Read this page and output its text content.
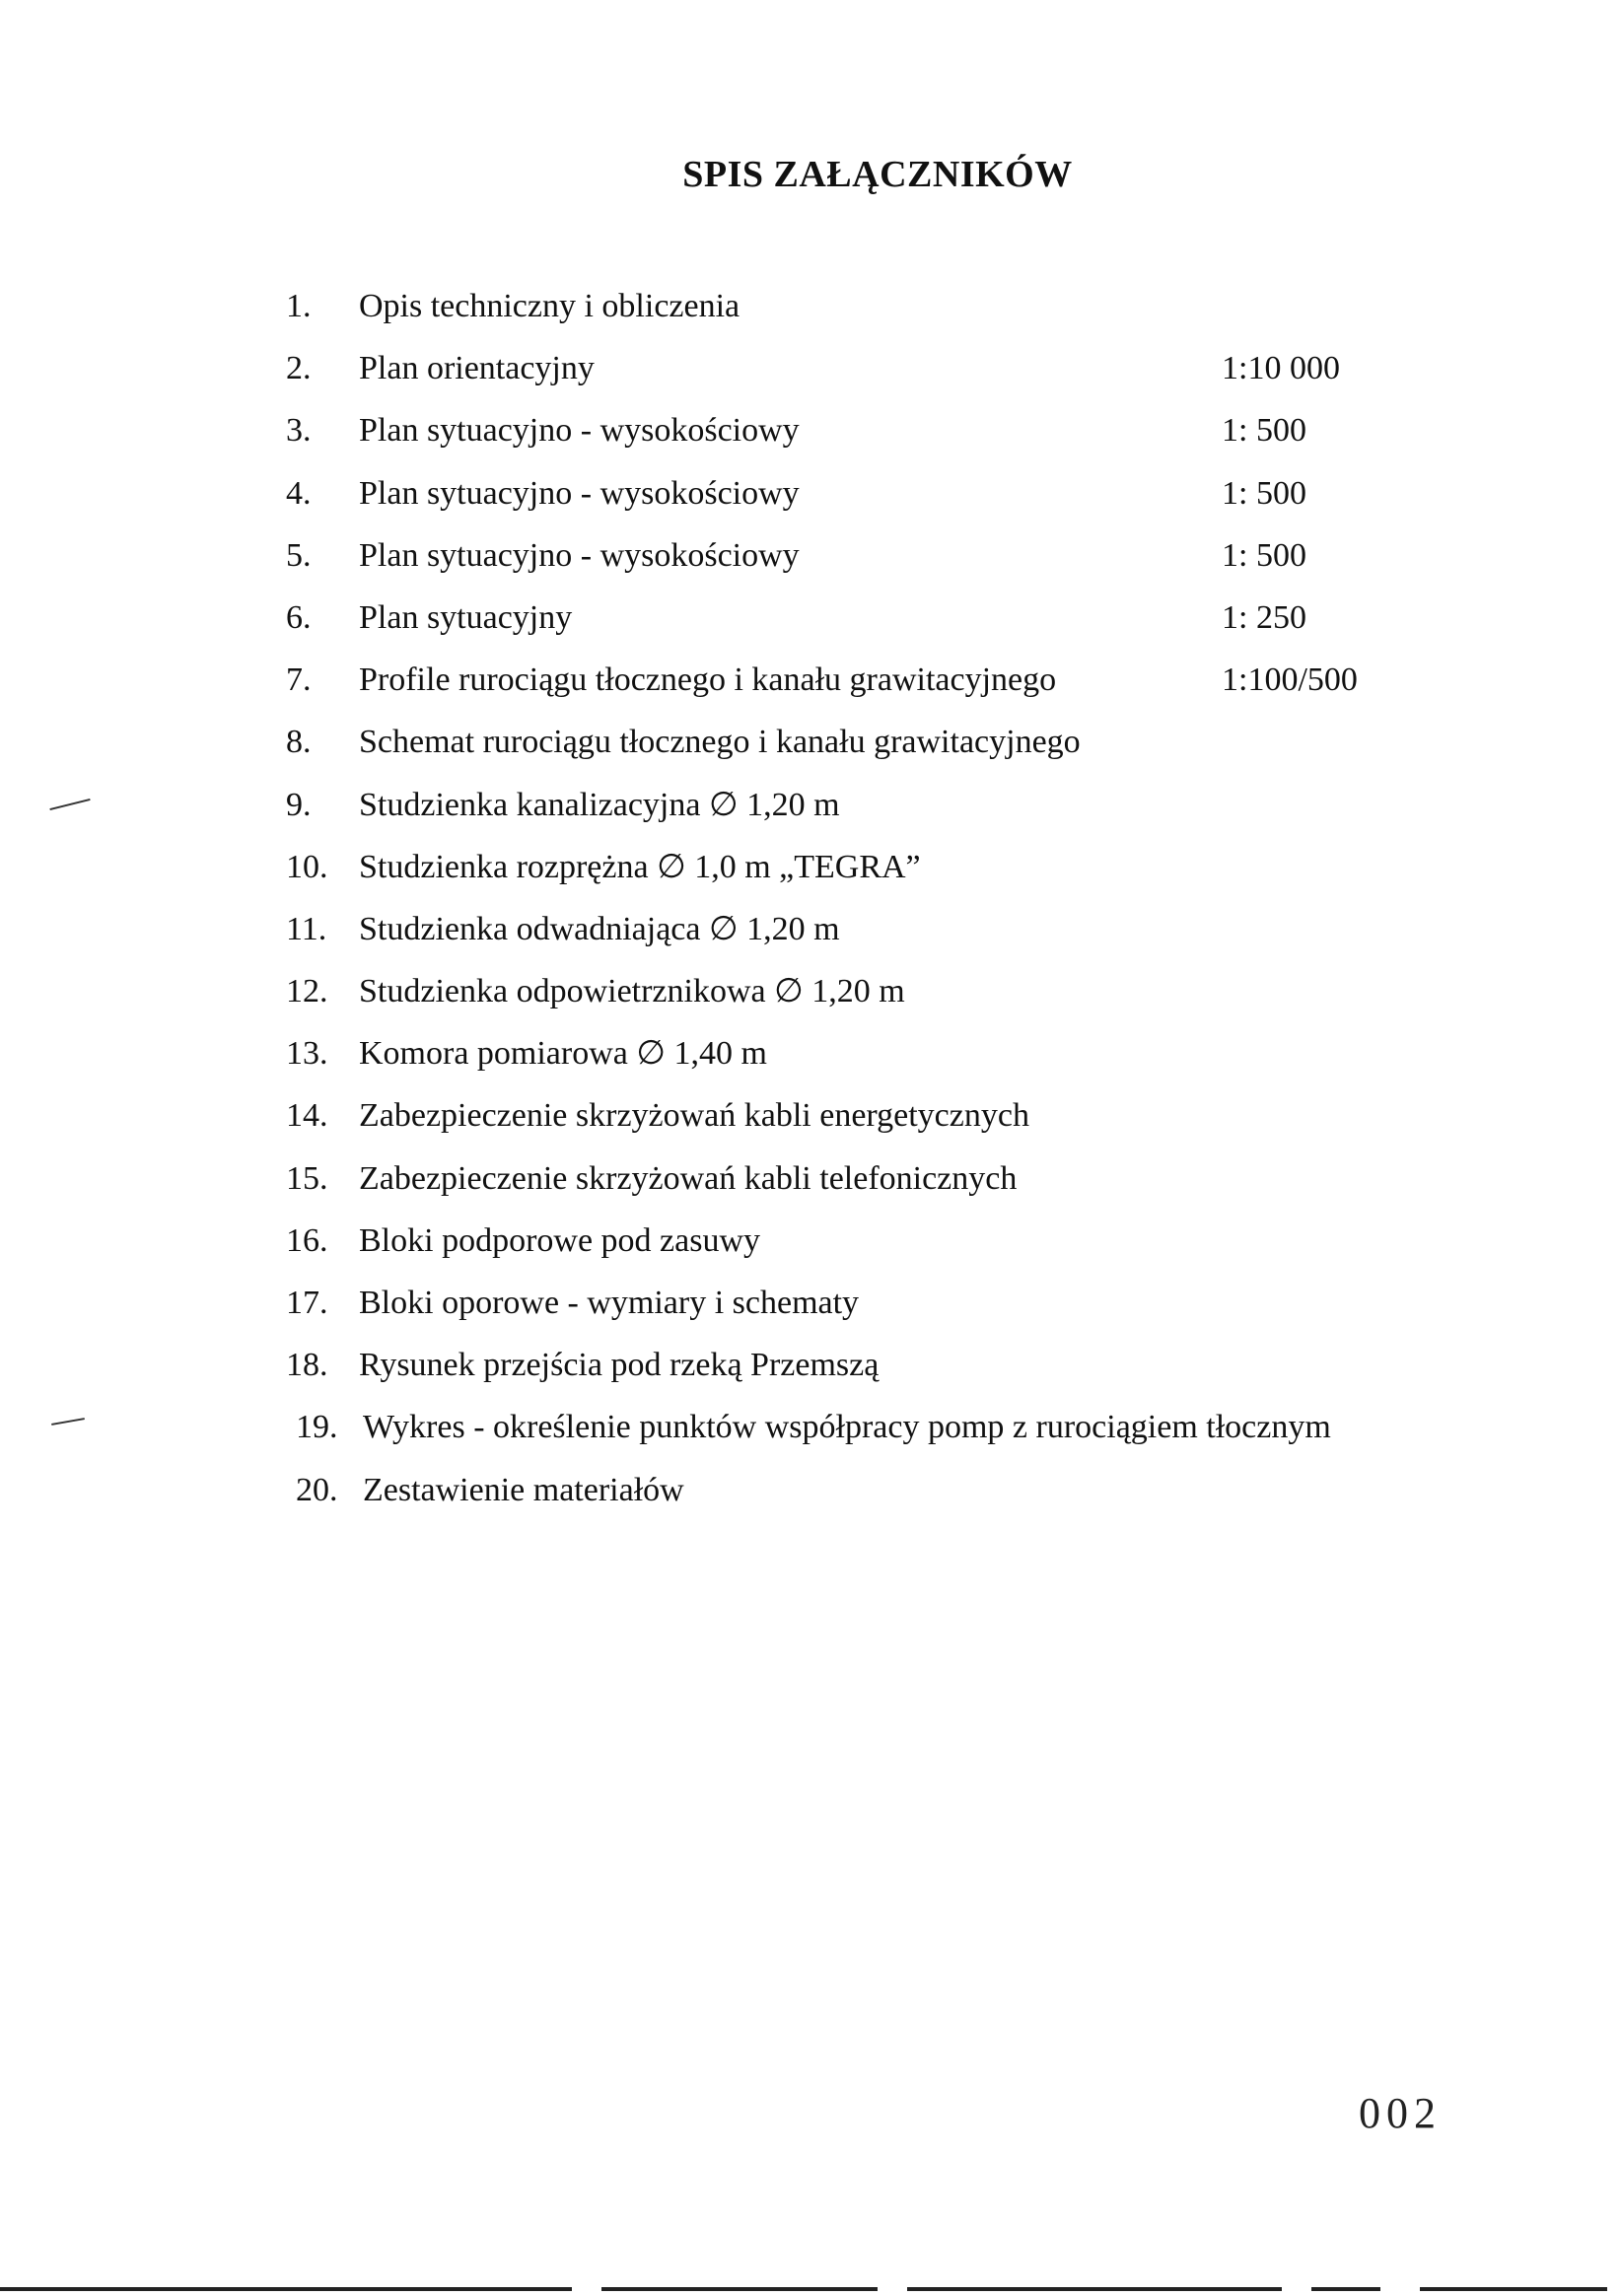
SPIS ZAŁĄCZNIKÓW
1.	Opis techniczny i obliczenia
2.	Plan orientacyjny	1:10 000
3.	Plan sytuacyjno - wysokościowy	1: 500
4.	Plan sytuacyjno - wysokościowy	1: 500
5.	Plan sytuacyjno - wysokościowy	1: 500
6.	Plan sytuacyjny	1: 250
7.	Profile rurociągu tłocznego i kanału grawitacyjnego	1:100/500
8.	Schemat rurociągu tłocznego i kanału grawitacyjnego
9.	Studzienka kanalizacyjna ∅ 1,20 m
10. Studzienka rozprężna ∅ 1,0 m „TEGRA”
11. Studzienka odwadniająca ∅ 1,20 m
12. Studzienka odpowietrznikowa ∅ 1,20 m
13. Komora pomiarowa ∅ 1,40 m
14. Zabezpieczenie skrzyżowań kabli energetycznych
15. Zabezpieczenie skrzyżowań kabli telefonicznych
16. Bloki podporowe pod zasuwy
17. Bloki oporowe - wymiary i schematy
18. Rysunek przejścia pod rzeką Przemszą
19. Wykres - określenie punktów współpracy pomp z rurociągiem tłocznym
20. Zestawienie materiałów
002
